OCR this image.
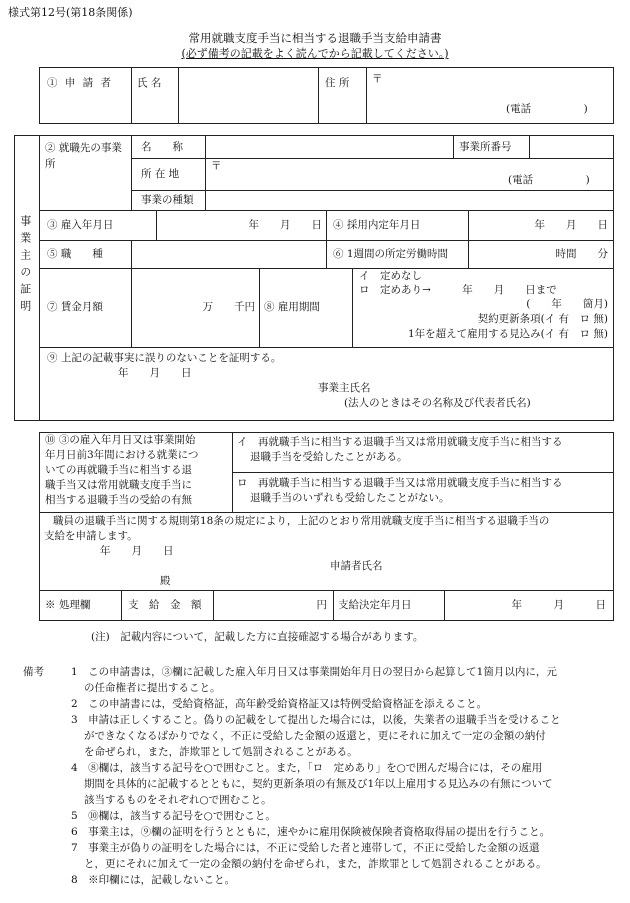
様式第12号(第18条関係)
常用就職支度手当に相当する退職手当支給申請書
(必ず備考の記載をよく読んでから記載してください。)
① 申 請 者 氏 名	住 所 〒
(電話　　　　　)
事業主の証明
② 就職先の事業所
名　　称	事業所番号
所 在 地
〒
(電話　　　　　)
事業の種類
③ 雇入年月日	年　　月　　日 ④ 採用内定年月日	年　　月　　日
⑤ 職　　種	⑥ 1週間の所定労働時間	時間　　分
⑦ 賃金月額	万　　千円 ⑧ 雇用期間
イ　定めなし
ロ　定めあり→　　　年　　月　　日まで
(　　年　　箇月)
契約更新条項(イ 有　ロ 無)
1年を超えて雇用する見込み(イ 有　ロ 無)
⑨ 上記の記載事実に誤りのないことを証明する。
年　　月　　日
事業主氏名
(法人のときはその名称及び代表者氏名)
⑩ ③の雇入年月日又は事業開始
年月日前3年間における就業につ
いての再就職手当に相当する退
職手当又は常用就職支度手当に
相当する退職手当の受給の有無
イ　再就職手当に相当する退職手当又は常用就職支度手当に相当する
退職手当を受給したことがある。
ロ　再就職手当に相当する退職手当又は常用就職支度手当に相当する
退職手当のいずれも受給したことがない。
職員の退職手当に関する規則第18条の規定により，上記のとおり常用就職支度手当に相当する退職手当の
支給を申請します。
年　　月　　日
申請者氏名
殿
※ 処理欄	支　給　金　額	円 支給決定年月日	年　　　月　　　日
(注)　記載内容について，記載した方に直接確認する場合があります。
備考	1　この申請書は，③欄に記載した雇入年月日又は事業開始年月日の翌日から起算して1箇月以内に，元
の任命権者に提出すること。
2　この申請書には，受給資格証，高年齢受給資格証又は特例受給資格証を添えること。
3　申請は正しくすること。偽りの記載をして提出した場合には，以後，失業者の退職手当を受けること
ができなくなるばかりでなく，不正に受給した金額の返還と，更にそれに加えて一定の金額の納付
を命ぜられ，また，詐欺罪として処罰されることがある。
4　⑧欄は，該当する記号を○で囲むこと。また，「ロ　定めあり」を○で囲んだ場合には，その雇用
期間を具体的に記載するとともに，契約更新条項の有無及び1年以上雇用する見込みの有無について
該当するものをそれぞれ○で囲むこと。
5　⑩欄は，該当する記号を○で囲むこと。
6　事業主は，⑨欄の証明を行うとともに，速やかに雇用保険被保険者資格取得届の提出を行うこと。
7　事業主が偽りの証明をした場合には，不正に受給した者と連帯して，不正に受給した金額の返還
と，更にそれに加えて一定の金額の納付を命ぜられ，また，詐欺罪として処罰されることがある。
8　※印欄には，記載しないこと。
